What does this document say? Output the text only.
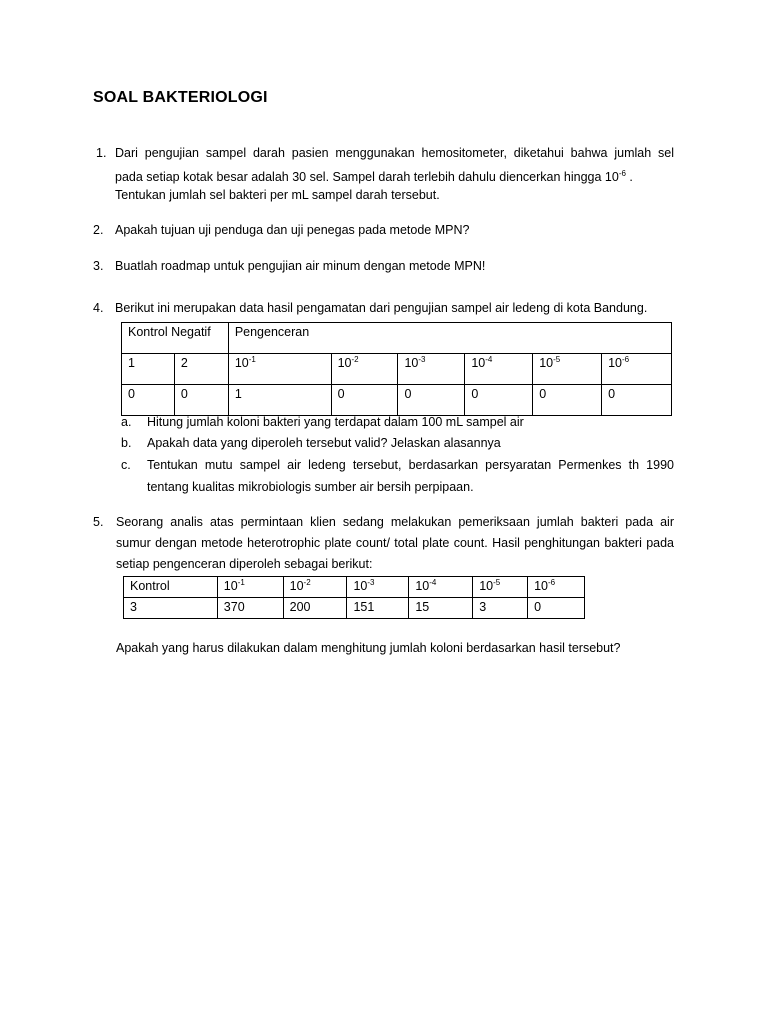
SOAL BAKTERIOLOGI
1. Dari pengujian sampel darah pasien menggunakan hemositometer, diketahui bahwa jumlah sel
pada setiap kotak besar adalah 30 sel. Sampel darah terlebih dahulu diencerkan hingga $10^{-6}$ .
Tentukan jumlah sel bakteri per mL sampel darah tersebut.
2. Apakah tujuan uji penduga dan uji penegas pada metode MPN?
3. Buatlah roadmap untuk pengujian air minum dengan metode MPN!
4. Berikut ini merupakan data hasil pengamatan dari pengujian sampel air ledeng di kota Bandung.
Kontrol Negatif		Pengenceran					
1	2	$10^{-1}$	$10^{-2}$	$10^{-3}$	$10^{-4}$	$10^{-5}$	$10^{-6}$
0	0	1	0	0	0	0	0
a. Hitung jumlah koloni bakteri yang terdapat dalam 100 mL sampel air
b. Apakah data yang diperoleh tersebut valid? Jelaskan alasannya
c. Tentukan mutu sampel air ledeng tersebut, berdasarkan persyaratan Permenkes th 1990
tentang kualitas mikrobiologis sumber air bersih perpipaan.
5. Seorang analis atas permintaan klien sedang melakukan pemeriksaan jumlah bakteri pada air
sumur dengan metode heterotrophic plate count/ total plate count. Hasil penghitungan bakteri pada
setiap pengenceran diperoleh sebagai berikut:
Kontrol	$10^{-1}$	$10^{-2}$	$10^{-3}$	$10^{-4}$	$10^{-5}$	$10^{-6}$
3	370	200	151	15	3	0
Apakah yang harus dilakukan dalam menghitung jumlah koloni berdasarkan hasil tersebut?
